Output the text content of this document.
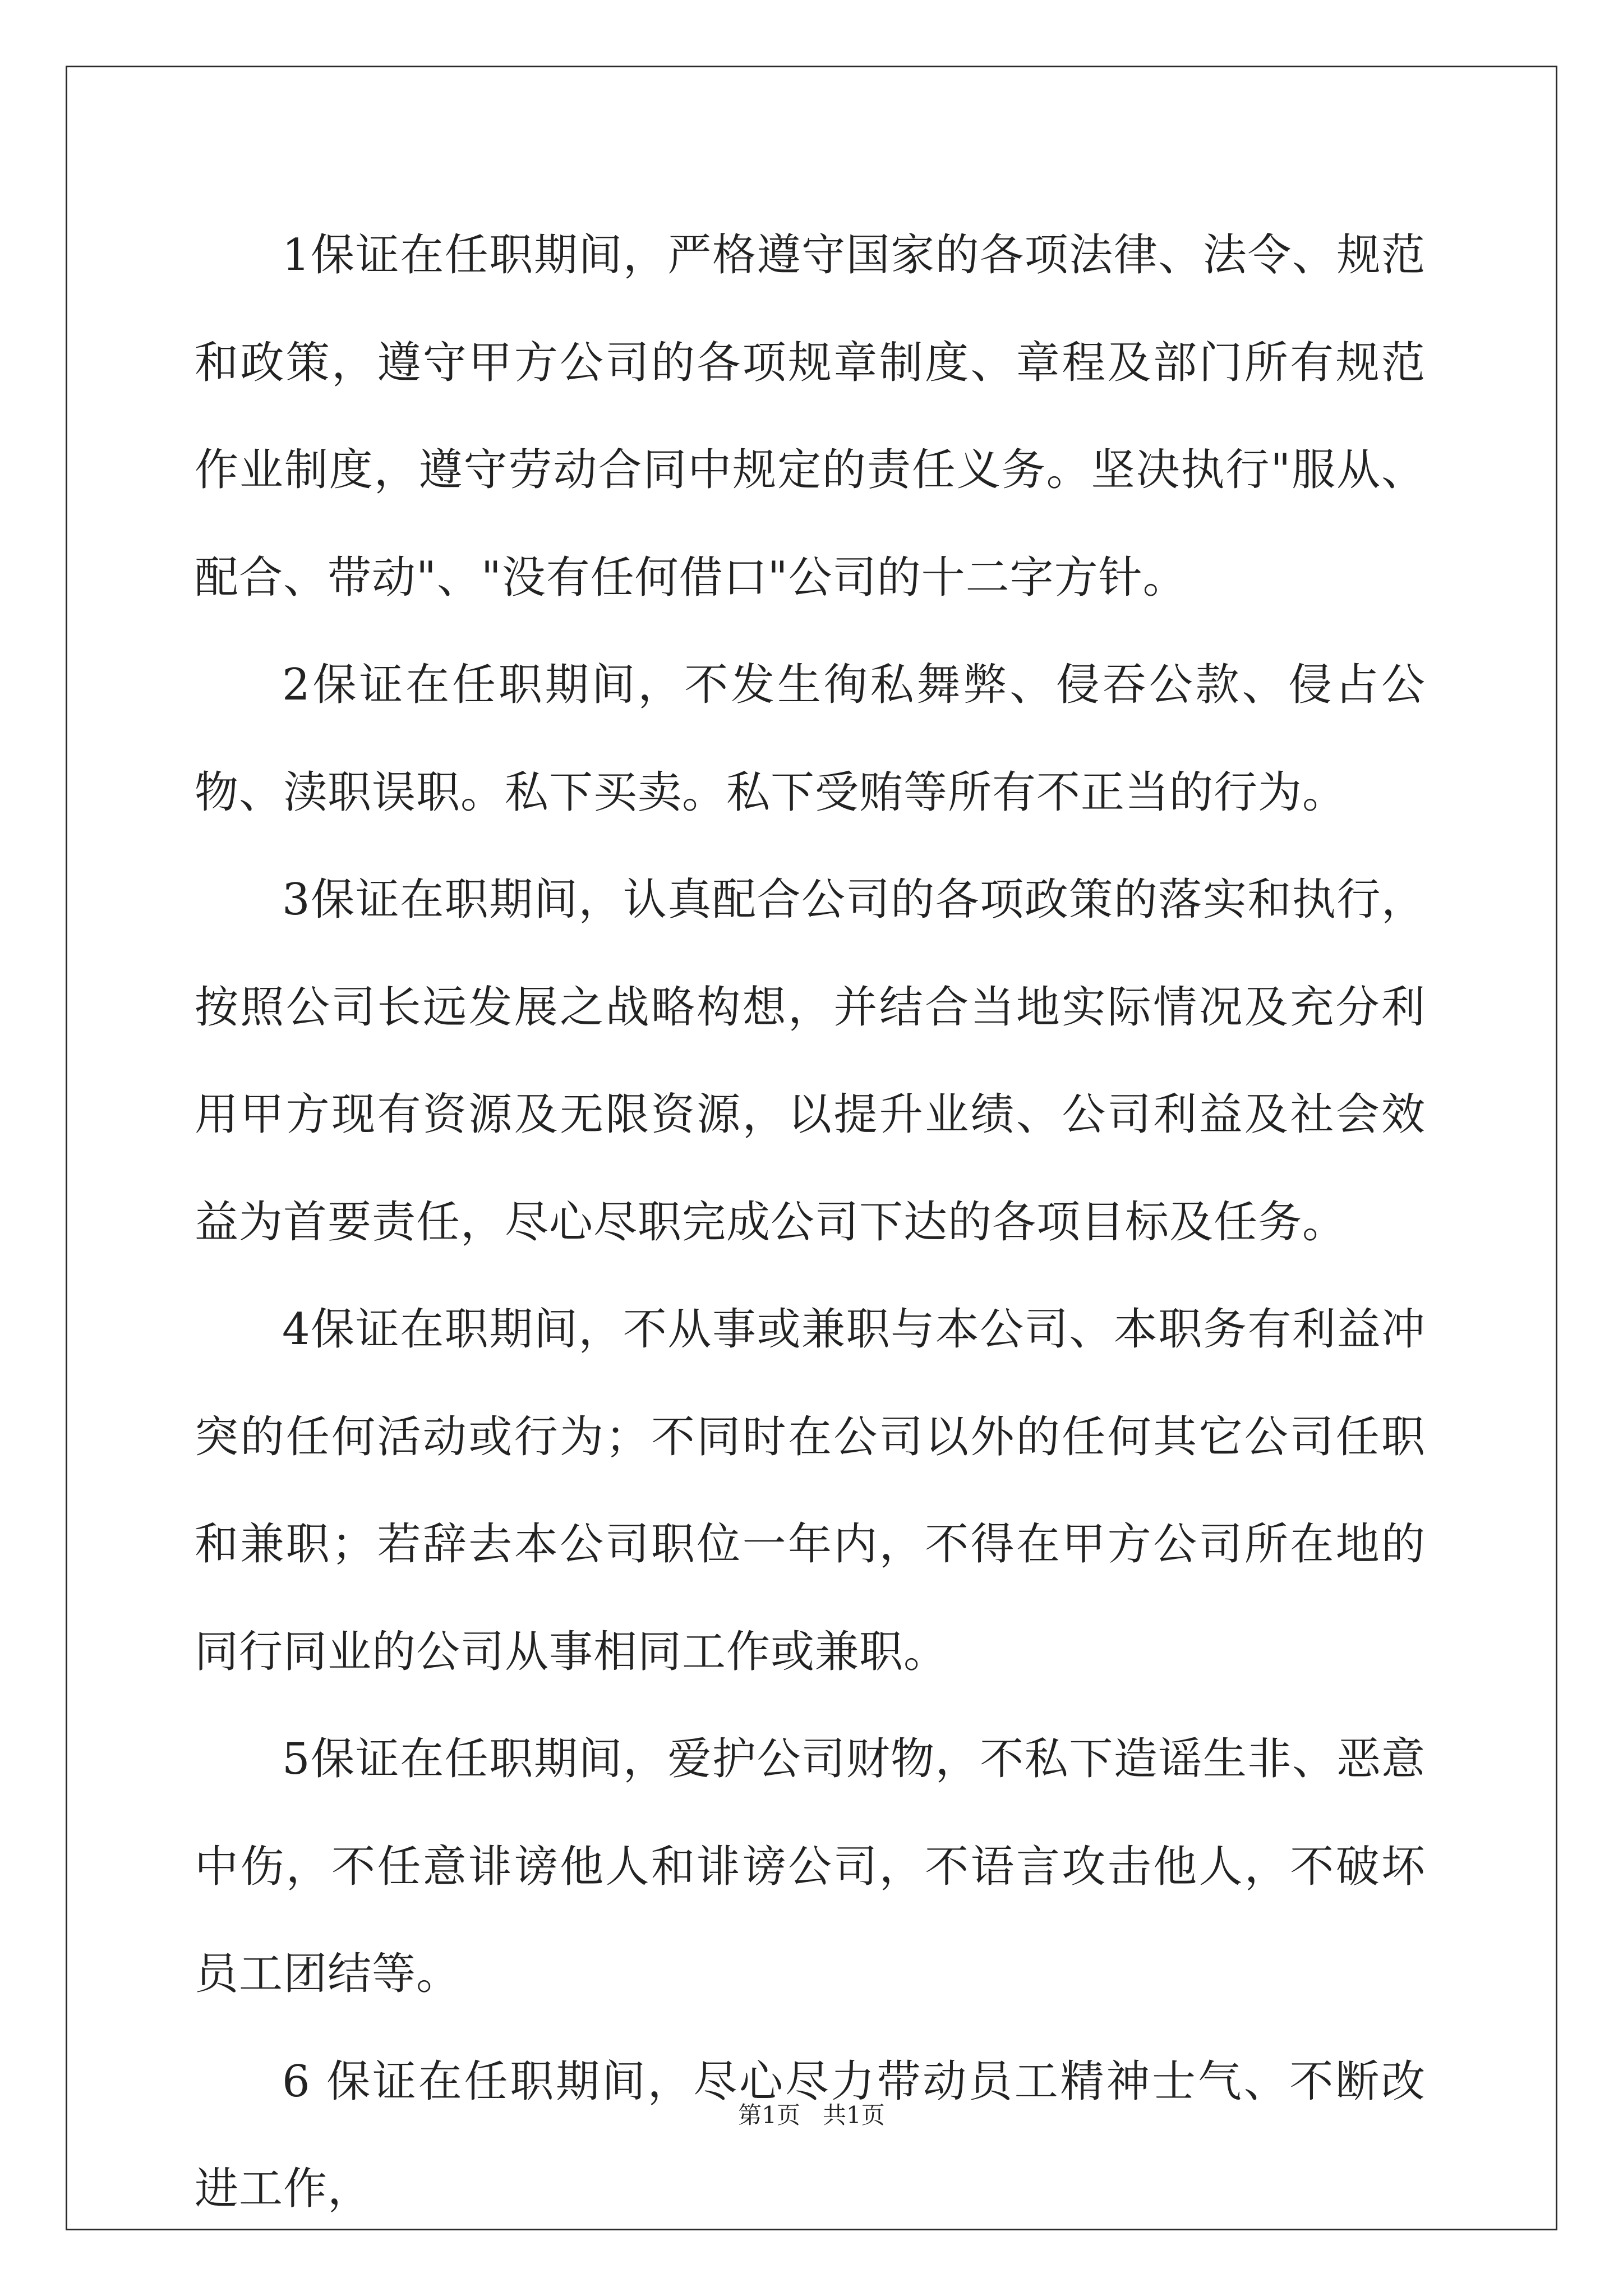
1保证在任职期间，严格遵守国家的各项法律、法令、规范和政策，遵守甲方公司的各项规章制度、章程及部门所有规范作业制度，遵守劳动合同中规定的责任义务。坚决执行"服从、配合、带动"、"没有任何借口"公司的十二字方针。

2保证在任职期间，不发生徇私舞弊、侵吞公款、侵占公物、渎职误职。私下买卖。私下受贿等所有不正当的行为。

3保证在职期间，认真配合公司的各项政策的落实和执行，按照公司长远发展之战略构想，并结合当地实际情况及充分利用甲方现有资源及无限资源，以提升业绩、公司利益及社会效益为首要责任，尽心尽职完成公司下达的各项目标及任务。

4保证在职期间，不从事或兼职与本公司、本职务有利益冲突的任何活动或行为；不同时在公司以外的任何其它公司任职和兼职；若辞去本公司职位一年内，不得在甲方公司所在地的同行同业的公司从事相同工作或兼职。

5保证在任职期间，爱护公司财物，不私下造谣生非、恶意中伤，不任意诽谤他人和诽谤公司，不语言攻击他人，不破坏员工团结等。

6 保证在任职期间，尽心尽力带动员工精神士气、不断改进工作，

第1页   共1页
